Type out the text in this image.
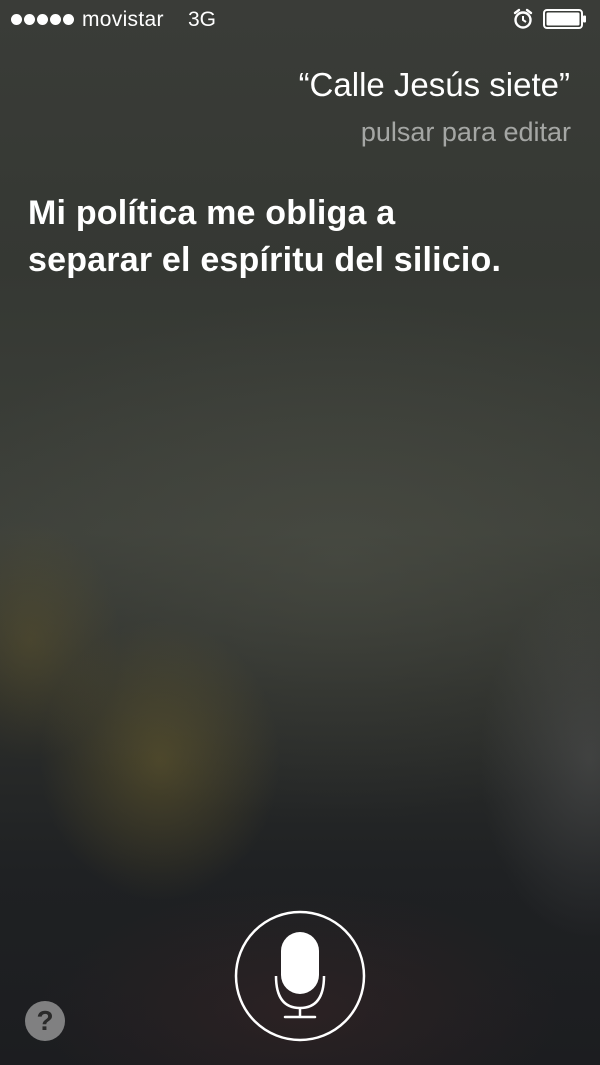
movistar 3G
“Calle Jesús siete”
pulsar para editar
Mi política me obliga a
separar el espíritu del silicio.
?
